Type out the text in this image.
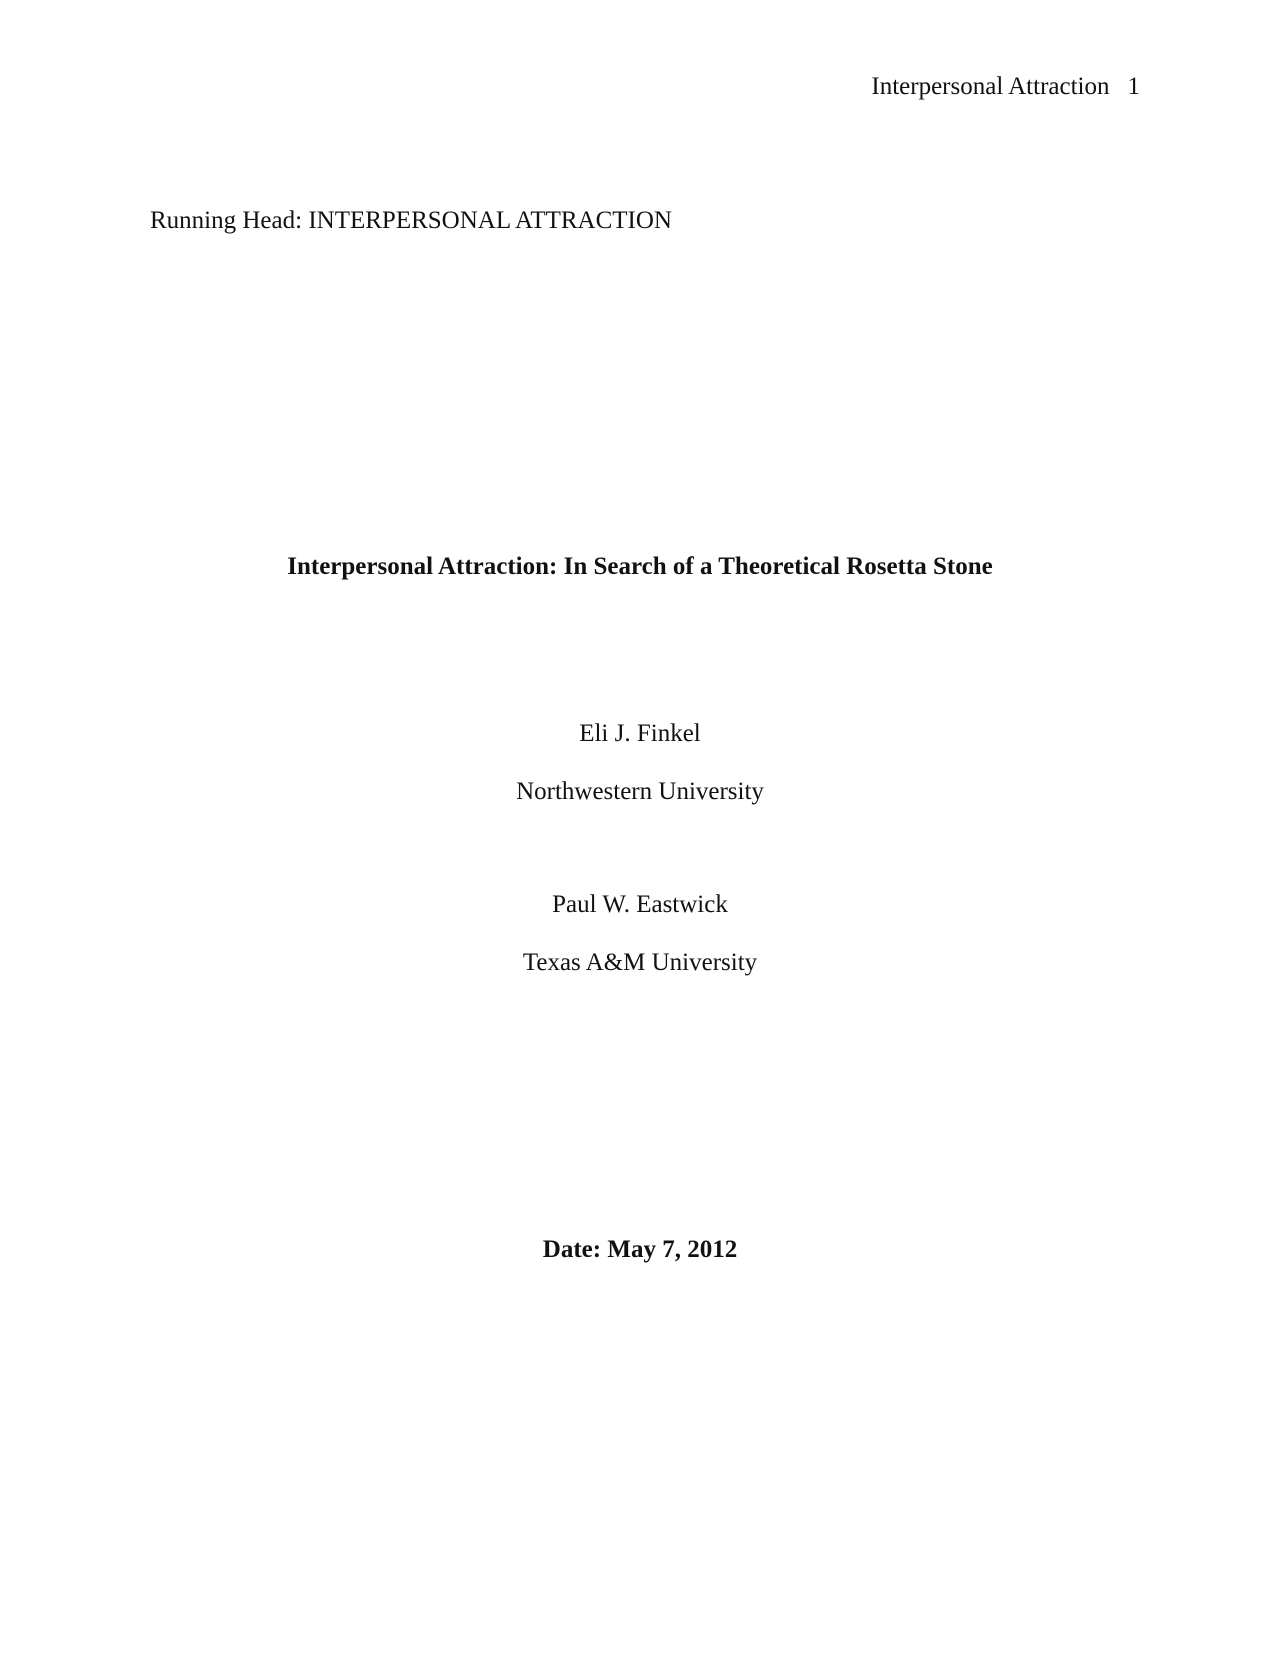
Interpersonal Attraction 1
Running Head: INTERPERSONAL ATTRACTION
Interpersonal Attraction: In Search of a Theoretical Rosetta Stone
Eli J. Finkel
Northwestern University
Paul W. Eastwick
Texas A&M University
Date: May 7, 2012
